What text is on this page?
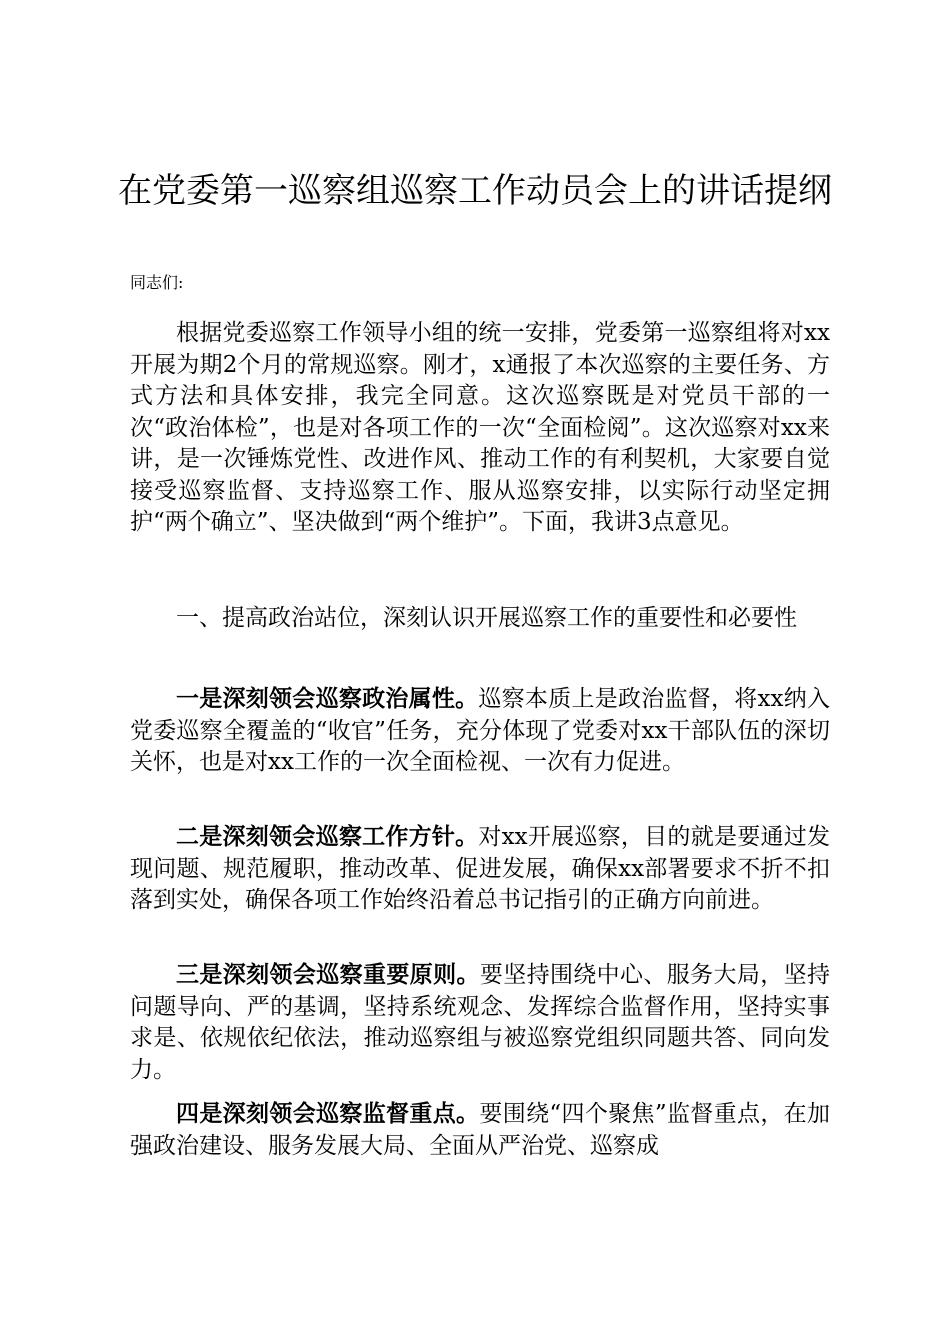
在党委第一巡察组巡察工作动员会上的讲话提纲

同志们:

根据党委巡察工作领导小组的统一安排，党委第一巡察组将对xx开展为期2个月的常规巡察。刚才，x通报了本次巡察的主要任务、方式方法和具体安排，我完全同意。这次巡察既是对党员干部的一次“政治体检”，也是对各项工作的一次“全面检阅”。这次巡察对xx来讲，是一次锤炼党性、改进作风、推动工作的有利契机，大家要自觉接受巡察监督、支持巡察工作、服从巡察安排，以实际行动坚定拥护“两个确立”、坚决做到“两个维护”。下面，我讲3点意见。

一、提高政治站位，深刻认识开展巡察工作的重要性和必要性

一是深刻领会巡察政治属性。巡察本质上是政治监督，将xx纳入党委巡察全覆盖的“收官”任务，充分体现了党委对xx干部队伍的深切关怀，也是对xx工作的一次全面检视、一次有力促进。

二是深刻领会巡察工作方针。对xx开展巡察，目的就是要通过发现问题、规范履职，推动改革、促进发展，确保xx部署要求不折不扣落到实处，确保各项工作始终沿着总书记指引的正确方向前进。

三是深刻领会巡察重要原则。要坚持围绕中心、服务大局，坚持问题导向、严的基调，坚持系统观念、发挥综合监督作用，坚持实事求是、依规依纪依法，推动巡察组与被巡察党组织同题共答、同向发力。

四是深刻领会巡察监督重点。要围绕“四个聚焦”监督重点，在加强政治建设、服务发展大局、全面从严治党、巡察成
